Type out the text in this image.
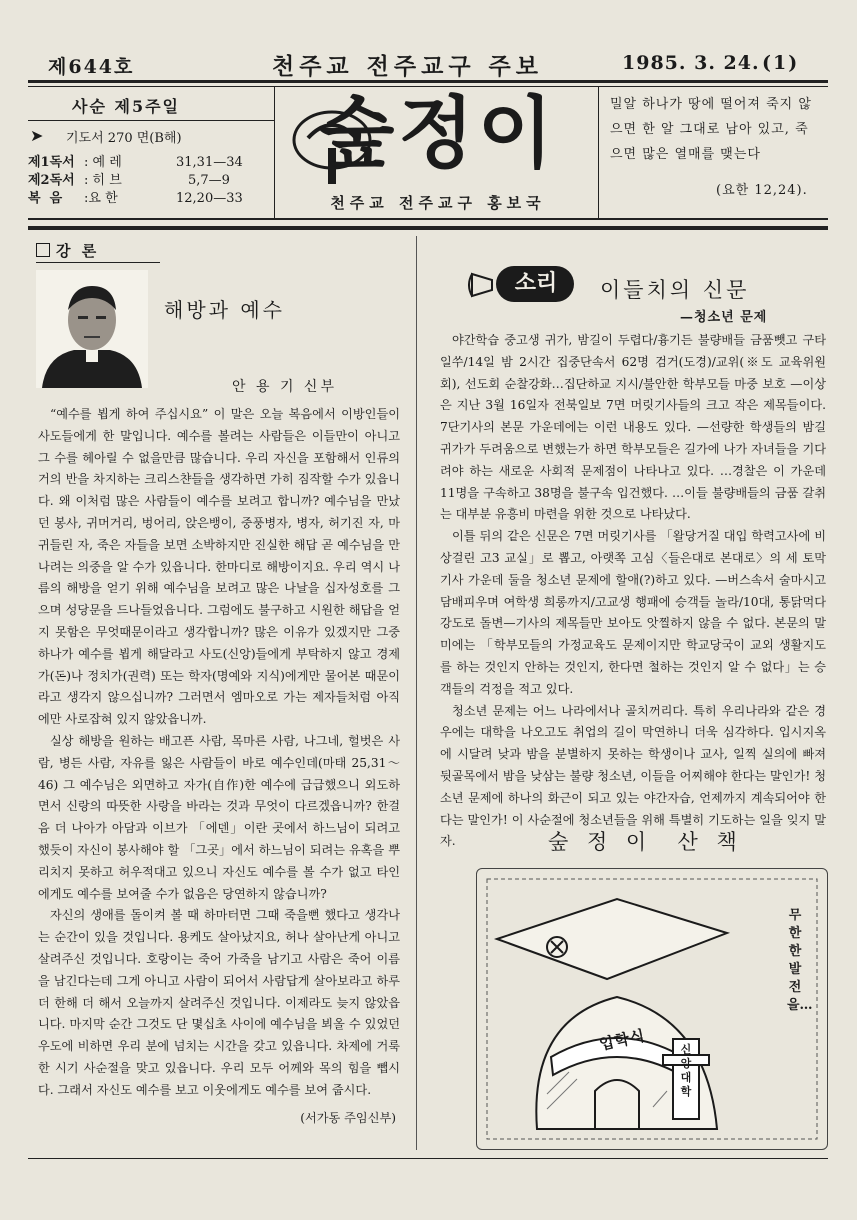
제644호	천주교 전주교구 주보	1985. 3. 24. (1)
사순 제5주일
➤ 기도서 270 면(B해)
제1독서 : 예 레	31,31—34
제2독서 : 히 브	5,7—9
복  음 :요 한	12,20—33
숲정이
천주교 전주교구 홍보국
밀알 하나가 땅에 떨어져 죽지 않으면 한 알 그대로 남아 있고, 죽으면 많은 열매를 맺는다
(요한 12,24).
강 론
해방과 예수
안 용 기 신부

“예수를 뵙게 하여 주십시요” 이 말은 오늘 복음에서 이방인들이 사도들에게 한 말입니다. 예수를 볼려는 사람들은 이들만이 아니고 그 수를 헤아릴 수 없을만큼 많습니다. 우리 자신을 포함해서 인류의 거의 반을 차지하는 크리스챤들을 생각하면 가히 짐작할 수가 있읍니다. 왜 이처럼 많은 사람들이 예수를 보려고 합니까? 예수님을 만났던 봉사, 귀머거리, 벙어리, 앉은뱅이, 중풍병자, 병자, 허기진 자, 마귀들린 자, 죽은 자들을 보면 소박하지만 진실한 해답 곧 예수님을 만나려는 의중을 알 수가 있읍니다. 한마디로 해방이지요. 우리 역시 나름의 해방을 얻기 위해 예수님을 보려고 많은 나날을 십자성호를 그으며 성당문을 드나들었읍니다. 그럼에도 불구하고 시원한 해답을 얻지 못함은 무엇때문이라고 생각합니까? 많은 이유가 있겠지만 그중 하나가 예수를 뵙게 해달라고 사도(신앙)들에게 부탁하지 않고 경제가(돈)나 정치가(권력) 또는 학자(명예와 지식)에게만 물어본 때문이라고 생각지 않으십니까? 그러면서 엠마오로 가는 제자들처럼 아직에만 사로잡혀 있지 않았읍니까.

실상 해방을 원하는 배고픈 사람, 목마른 사람, 나그네, 헐벗은 사람, 병든 사람, 자유를 잃은 사람들이 바로 예수인데(마태 25,31～46) 그 예수님은 외면하고 자가(自作)한 예수에 급급했으니 외도하면서 신랑의 따뜻한 사랑을 바라는 것과 무엇이 다르겠읍니까? 한걸음 더 나아가 아담과 이브가 「에덴」이란 곳에서 하느님이 되려고 했듯이 자신이 봉사해야 할 「그곳」에서 하느님이 되려는 유혹을 뿌리치지 못하고 허우적대고 있으니 자신도 예수를 볼 수가 없고 타인에게도 예수를 보여줄 수가 없음은 당연하지 않습니까?

자신의 생애를 돌이켜 볼 때 하마터면 그때 죽을뻔 했다고 생각나는 순간이 있을 것입니다. 용케도 살아났지요, 허나 살아난게 아니고 살려주신 것입니다. 호랑이는 죽어 가죽을 남기고 사람은 죽어 이름을 남긴다는데 그게 아니고 사람이 되어서 사람답게 살아보라고 하루 더 한해 더 해서 오늘까지 살려주신 것입니다. 이제라도 늦지 않았읍니다. 마지막 순간 그것도 단 몇십초 사이에 예수님을 뵈올 수 있었던 우도에 비하면 우리 분에 넘치는 시간을 갖고 있읍니다. 차제에 거룩한 시기 사순절을 맞고 있읍니다. 우리 모두 어께와 목의 힘을 뺍시다. 그래서 자신도 예수를 보고 이웃에게도 예수를 보여 줍시다.

(서가동 주임신부)
소리	이들치의 신문
—청소년 문제

야간학습 중고생 귀가, 밤길이 두렵다/흉기든 불량배들 금품뺏고 구타 일쑤/14일 밤 2시간 집중단속서 62명 검거(도경)/교위(※도 교육위원회), 선도회 순찰강화…집단하교 지시/불안한 학부모들 마중 보호 —이상은 지난 3월 16일자 전북일보 7면 머릿기사들의 크고 작은 제목들이다. 7단기사의 본문 가운데에는 이런 내용도 있다. —선량한 학생들의 밤길 귀가가 두려움으로 변했는가 하면 학부모들은 길가에 나가 자녀들을 기다려야 하는 새로운 사회적 문제점이 나타나고 있다. …경찰은 이 가운데 11명을 구속하고 38명을 불구속 입건했다. …이들 불량배들의 금품 갈취는 대부분 유흥비 마련을 위한 것으로 나타났다.

이틀 뒤의 같은 신문은 7면 머릿기사를 「왈당거질 대입 학력고사에 비상걸린 고3 교실」로 뽑고, 아랫쪽 고심〈들은대로 본대로〉의 세 토막 기사 가운데 둘을 청소년 문제에 할애(?)하고 있다. —버스속서 술마시고 담배피우며 여학생 희롱까지/고교생 행패에 승객들 놀라/10대, 통닭먹다 강도로 돌변—기사의 제목들만 보아도 앗찔하지 않을 수 없다. 본문의 말미에는 「학부모들의 가정교육도 문제이지만 학교당국이 교외 생활지도를 하는 것인지 안하는 것인지, 한다면 철하는 것인지 알 수 없다」는 승객들의 걱정을 적고 있다.

청소년 문제는 어느 나라에서나 골치꺼리다. 특히 우리나라와 같은 경우에는 대학을 나오고도 취업의 길이 막연하니 더욱 심각하다. 입시지옥에 시달려 낮과 밤을 분별하지 못하는 학생이나 교사, 일찍 실의에 빠져 뒷골목에서 밤을 낮삼는 불량 청소년, 이들을 어찌해야 한다는 말인가! 청소년 문제에 하나의 화근이 되고 있는 야간자습, 언제까지 계속되어야 한다는 말인가! 이 사순절에 청소년들을 위해 특별히 기도하는 일을 잊지 말자.	숲 정 이  산 책
입학식	신앙대학
무한한 발전을…
